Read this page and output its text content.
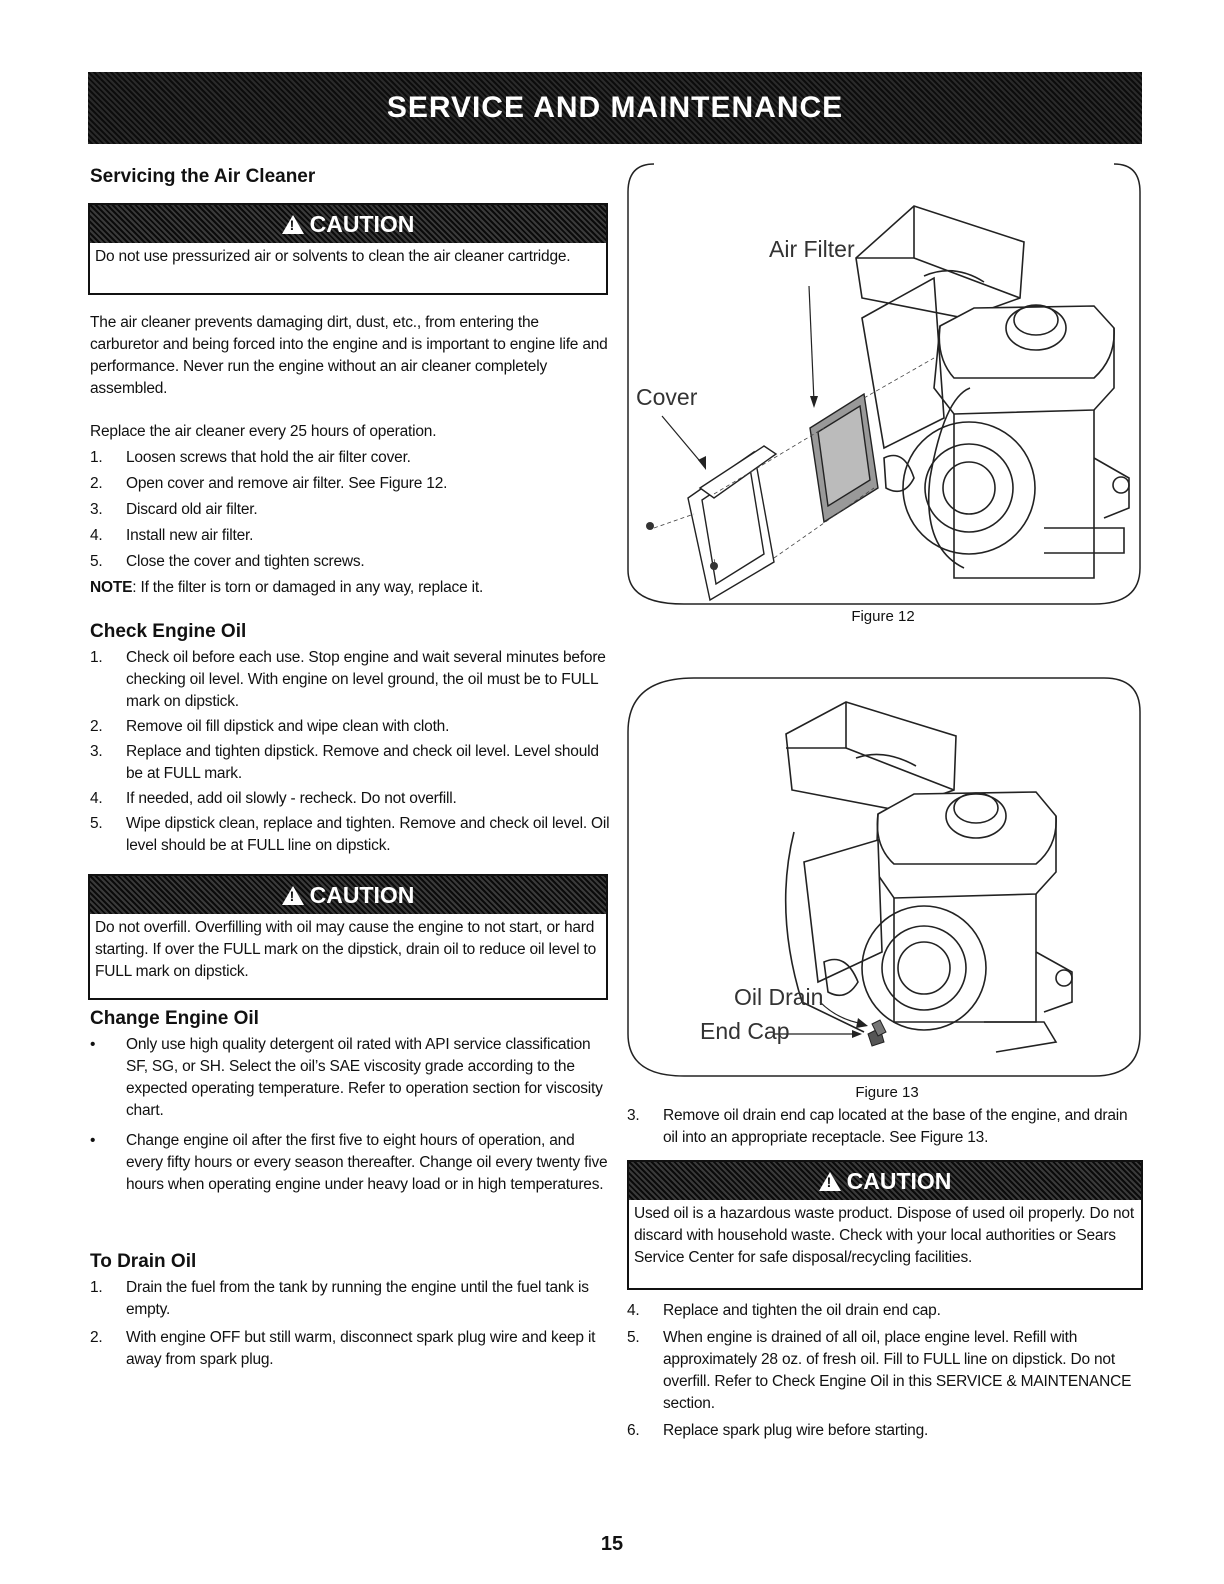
SERVICE AND MAINTENANCE
Servicing the Air Cleaner
!
CAUTION
Do not use pressurized air or solvents to clean the air cleaner cartridge.

The air cleaner prevents damaging dirt, dust, etc., from entering the carburetor and being forced into the engine and is important to engine life and performance. Never run the engine without an air cleaner completely assembled.

Replace the air cleaner every 25 hours of operation.

1. Loosen screws that hold the air filter cover.
2. Open cover and remove air filter. See Figure 12.
3. Discard old air filter.
4. Install new air filter.
5. Close the cover and tighten screws.

NOTE: If the filter is torn or damaged in any way, replace it.

Check Engine Oil
1. Check oil before each use. Stop engine and wait several minutes before checking oil level. With engine on level ground, the oil must be to FULL mark on dipstick.
2. Remove oil fill dipstick and wipe clean with cloth.
3. Replace and tighten dipstick. Remove and check oil level. Level should be at FULL mark.
4. If needed, add oil slowly - recheck. Do not overfill.
5. Wipe dipstick clean, replace and tighten. Remove and check oil level. Oil level should be at FULL line on dipstick.
!
CAUTION
Do not overfill. Overfilling with oil may cause the engine to not start, or hard starting. If over the FULL mark on the dipstick, drain oil to reduce oil level to FULL mark on dipstick.
Change Engine Oil
• Only use high quality detergent oil rated with API service classification SF, SG, or SH. Select the oil’s SAE viscosity grade according to the expected operating temperature. Refer to operation section for viscosity chart.
• Change engine oil after the first five to eight hours of operation, and every fifty hours or every season thereafter. Change oil every twenty five hours when operating engine under heavy load or in high temperatures.
To Drain Oil
1. Drain the fuel from the tank by running the engine until the fuel tank is empty.
2. With engine OFF but still warm, disconnect spark plug wire and keep it away from spark plug.
Air Filter
Cover
Figure 12
Oil Drain
End Cap
Figure 13
3. Remove oil drain end cap located at the base of the engine, and drain oil into an appropriate receptacle. See Figure 13.
!
CAUTION
Used oil is a hazardous waste product. Dispose of used oil properly. Do not discard with household waste. Check with your local authorities or Sears Service Center for safe disposal/recycling facilities.
4. Replace and tighten the oil drain end cap.
5. When engine is drained of all oil, place engine level. Refill with approximately 28 oz. of fresh oil. Fill to FULL line on dipstick. Do not overfill. Refer to Check Engine Oil in this SERVICE & MAINTENANCE section.
6. Replace spark plug wire before starting.
15
